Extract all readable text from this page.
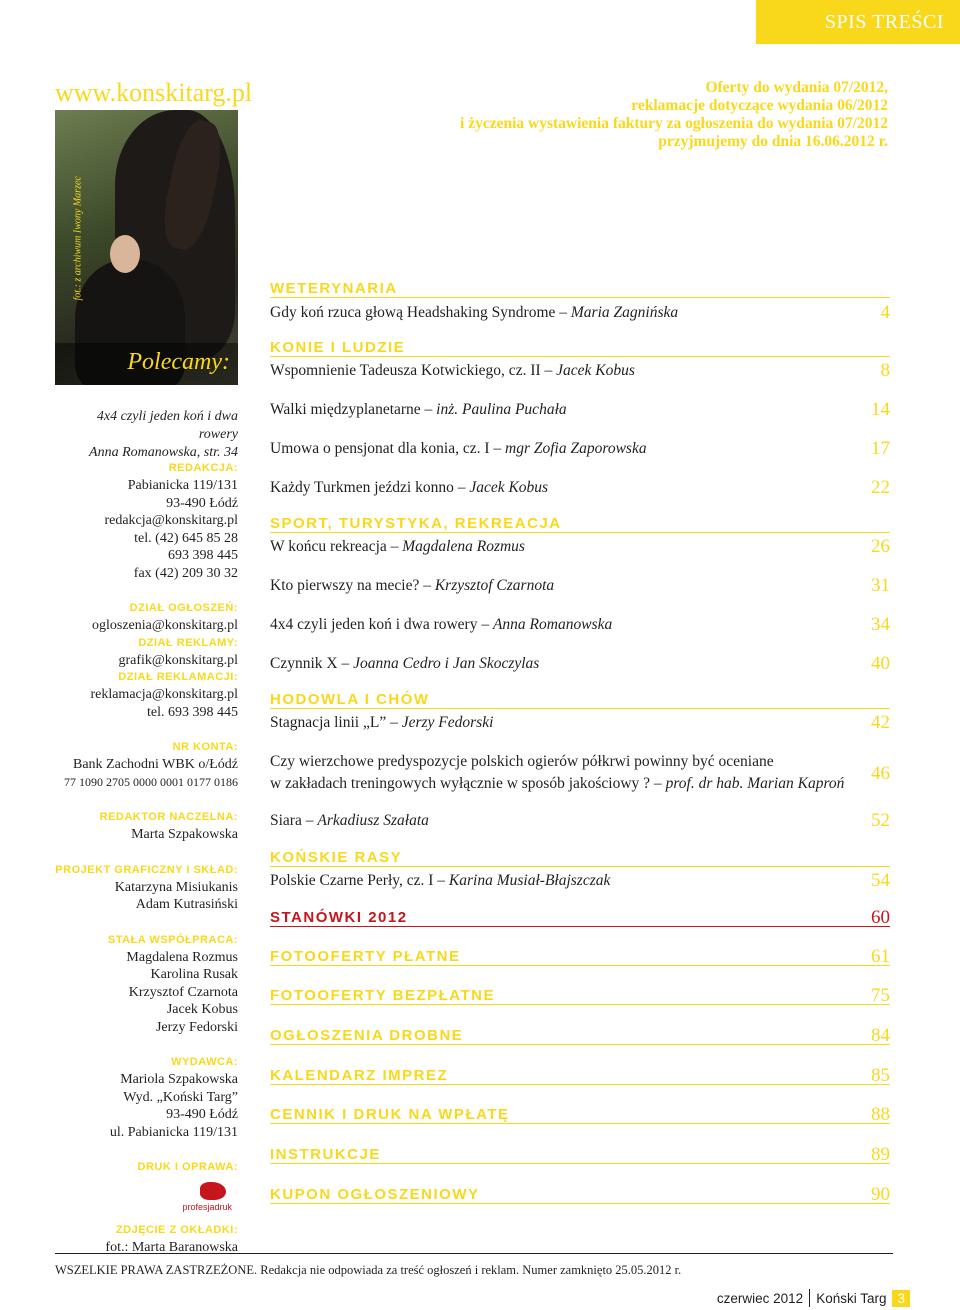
SPIS TREŚCI
www.konskitarg.pl	Oferty do wydania 07/2012,
reklamacje dotyczące wydania 06/2012
i życzenia wystawienia faktury za ogłoszenia do wydania 07/2012
przyjmujemy do dnia 16.06.2012 r.
fot.: z archiwum Iwony Marzec
Polecamy:
4x4 czyli jeden koń i dwa rowery
Anna Romanowska, str. 34
REDAKCJA:
Pabianicka 119/131
93-490 Łódź
redakcja@konskitarg.pl
tel. (42) 645 85 28
693 398 445
fax (42) 209 30 32
DZIAŁ OGŁOSZEŃ:
ogloszenia@konskitarg.pl
DZIAŁ REKLAMY:
grafik@konskitarg.pl
DZIAŁ REKLAMACJI:
reklamacja@konskitarg.pl
tel. 693 398 445
NR KONTA:
Bank Zachodni WBK o/Łódź
77 1090 2705 0000 0001 0177 0186
REDAKTOR NACZELNA:
Marta Szpakowska
PROJEKT GRAFICZNY I SKŁAD:
Katarzyna Misiukanis
Adam Kutrasiński
STAŁA WSPÓŁPRACA:
Magdalena Rozmus
Karolina Rusak
Krzysztof Czarnota
Jacek Kobus
Jerzy Fedorski
WYDAWCA:
Mariola Szpakowska
Wyd. „Koński Targ”
93-490 Łódź
ul. Pabianicka 119/131
DRUK I OPRAWA:
profesjadruk
ZDJĘCIE Z OKŁADKI:
fot.: Marta Baranowska
WETERYNARIA
Gdy koń rzuca głową Headshaking Syndrome – Maria Zagnińska	4
KONIE I LUDZIE
Wspomnienie Tadeusza Kotwickiego, cz. II – Jacek Kobus	8
Walki międzyplanetarne – inż. Paulina Puchała	14
Umowa o pensjonat dla konia, cz. I – mgr Zofia Zaporowska	17
Każdy Turkmen jeździ konno – Jacek Kobus	22
SPORT, TURYSTYKA, REKREACJA
W końcu rekreacja – Magdalena Rozmus	26
Kto pierwszy na mecie? – Krzysztof Czarnota	31
4x4 czyli jeden koń i dwa rowery – Anna Romanowska	34
Czynnik X – Joanna Cedro i Jan Skoczylas	40
HODOWLA I CHÓW
Stagnacja linii „L” – Jerzy Fedorski	42
Czy wierzchowe predyspozycje polskich ogierów półkrwi powinny być oceniane
w zakładach treningowych wyłącznie w sposób jakościowy ? – prof. dr hab. Marian Kaproń	46
Siara – Arkadiusz Szałata	52
KOŃSKIE RASY
Polskie Czarne Perły, cz. I – Karina Musiał-Błajszczak	54
STANÓWKI 2012	60
FOTOOFERTY PŁATNE	61
FOTOOFERTY BEZPŁATNE	75
OGŁOSZENIA DROBNE	84
KALENDARZ IMPREZ	85
CENNIK I DRUK NA WPŁATĘ	88
INSTRUKCJE	89
KUPON OGŁOSZENIOWY	90
WSZELKIE PRAWA ZASTRZEŻONE. Redakcja nie odpowiada za treść ogłoszeń i reklam. Numer zamknięto 25.05.2012 r.
czerwiec 2012 Koński Targ 3
